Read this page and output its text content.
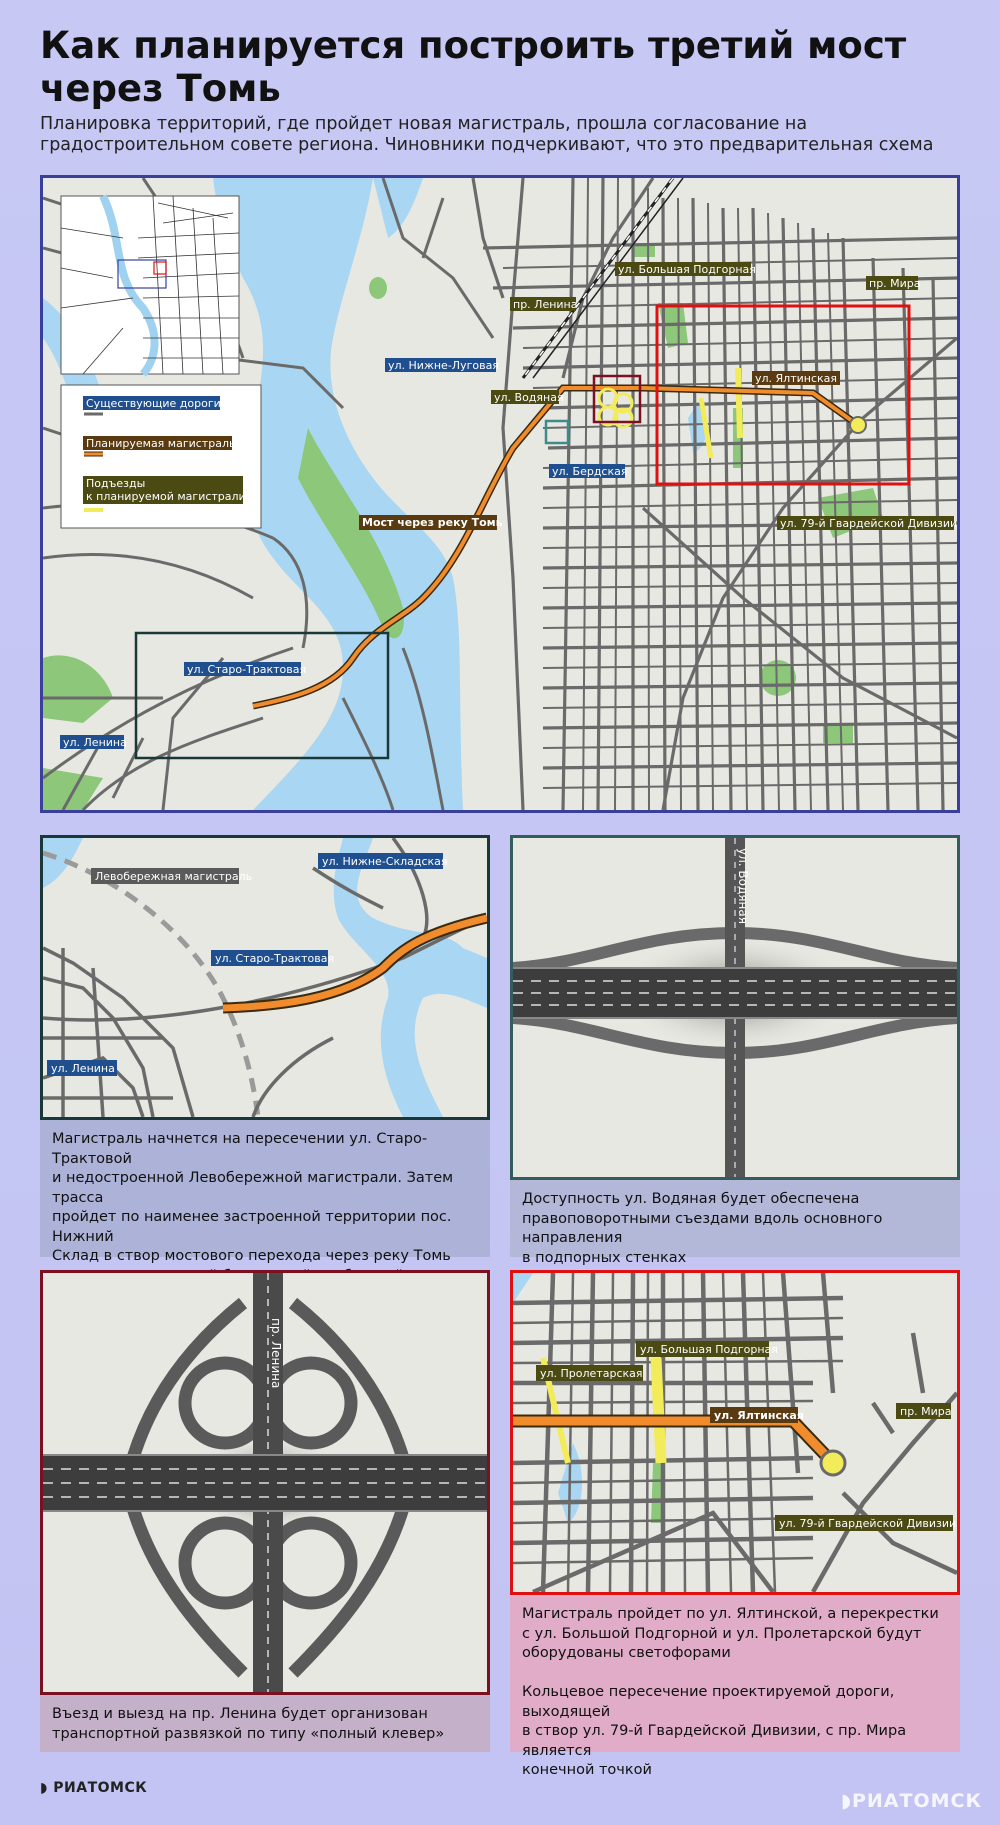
Как планируется построить третий мост через Томь
Планировка территорий, где пройдет новая магистраль, прошла согласование на градостроительном совете региона. Чиновники подчеркивают, что это предварительная схема
Существующие дороги
Планируемая магистраль
Подъезды к планируемой магистрали
ул. Большая Подгорная
пр. Мира
пр. Ленина
ул. Нижне-Луговая
ул. Водяная
ул. Ялтинская
ул. Бердская
Мост через реку Томь	ул. 79-й Гвардейской Дивизии
ул. Старо-Трактовая
ул. Ленина
Левобережная магистраль
ул. Нижне-Складская
ул. Старо-Трактовая
ул. Ленина
Магистраль начнется на пересечении ул. Старо-Трактовой
и недостроенной Левобережной магистрали. Затем трасса
пройдет по наименее застроенной территории пос. Нижний
Склад в створ мостового перехода через реку Томь

ул. Водяная
Доступность ул. Водяная будет обеспечена
правоповоротными съездами вдоль основного направления
в подпорных стенках
пр. Ленина
Въезд и выезд на пр. Ленина будет организован
транспортной развязкой по типу «полный клевер»
ул. Большая Подгорная
ул. Пролетарская
ул. Ялтинская	пр. Мира
ул. 79-й Гвардейской Дивизии
Магистраль пройдет по ул. Ялтинской, а перекрестки
с ул. Большой Подгорной и ул. Пролетарской будут
оборудованы светофорами

Кольцевое пересечение проектируемой дороги, выходящей
в створ ул. 79-й Гвардейской Дивизии, с пр. Мира является
конечной точкой
◗ РИАТОМСК
◗РИАТОМСК
